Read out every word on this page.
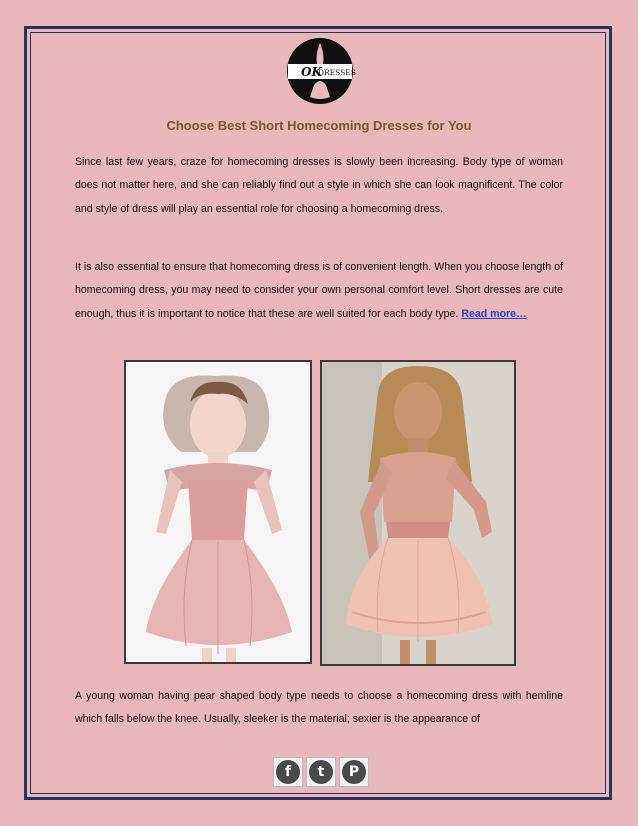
OK
DRESSES
Choose Best Short Homecoming Dresses for You

Since last few years, craze for homecoming dresses is slowly been increasing. Body type of woman does not matter here, and she can reliably find out a style in which she can look magnificent. The color and style of dress will play an essential role for choosing a homecoming dress.

It is also essential to ensure that homecoming dress is of convenient length. When you choose length of homecoming dress, you may need to consider your own personal comfort level. Short dresses are cute enough, thus it is important to notice that these are well suited for each body type. Read more…

A young woman having pear shaped body type needs to choose a homecoming dress with hemline which falls below the knee. Usually, sleeker is the material; sexier is the appearance of

f	t	P
